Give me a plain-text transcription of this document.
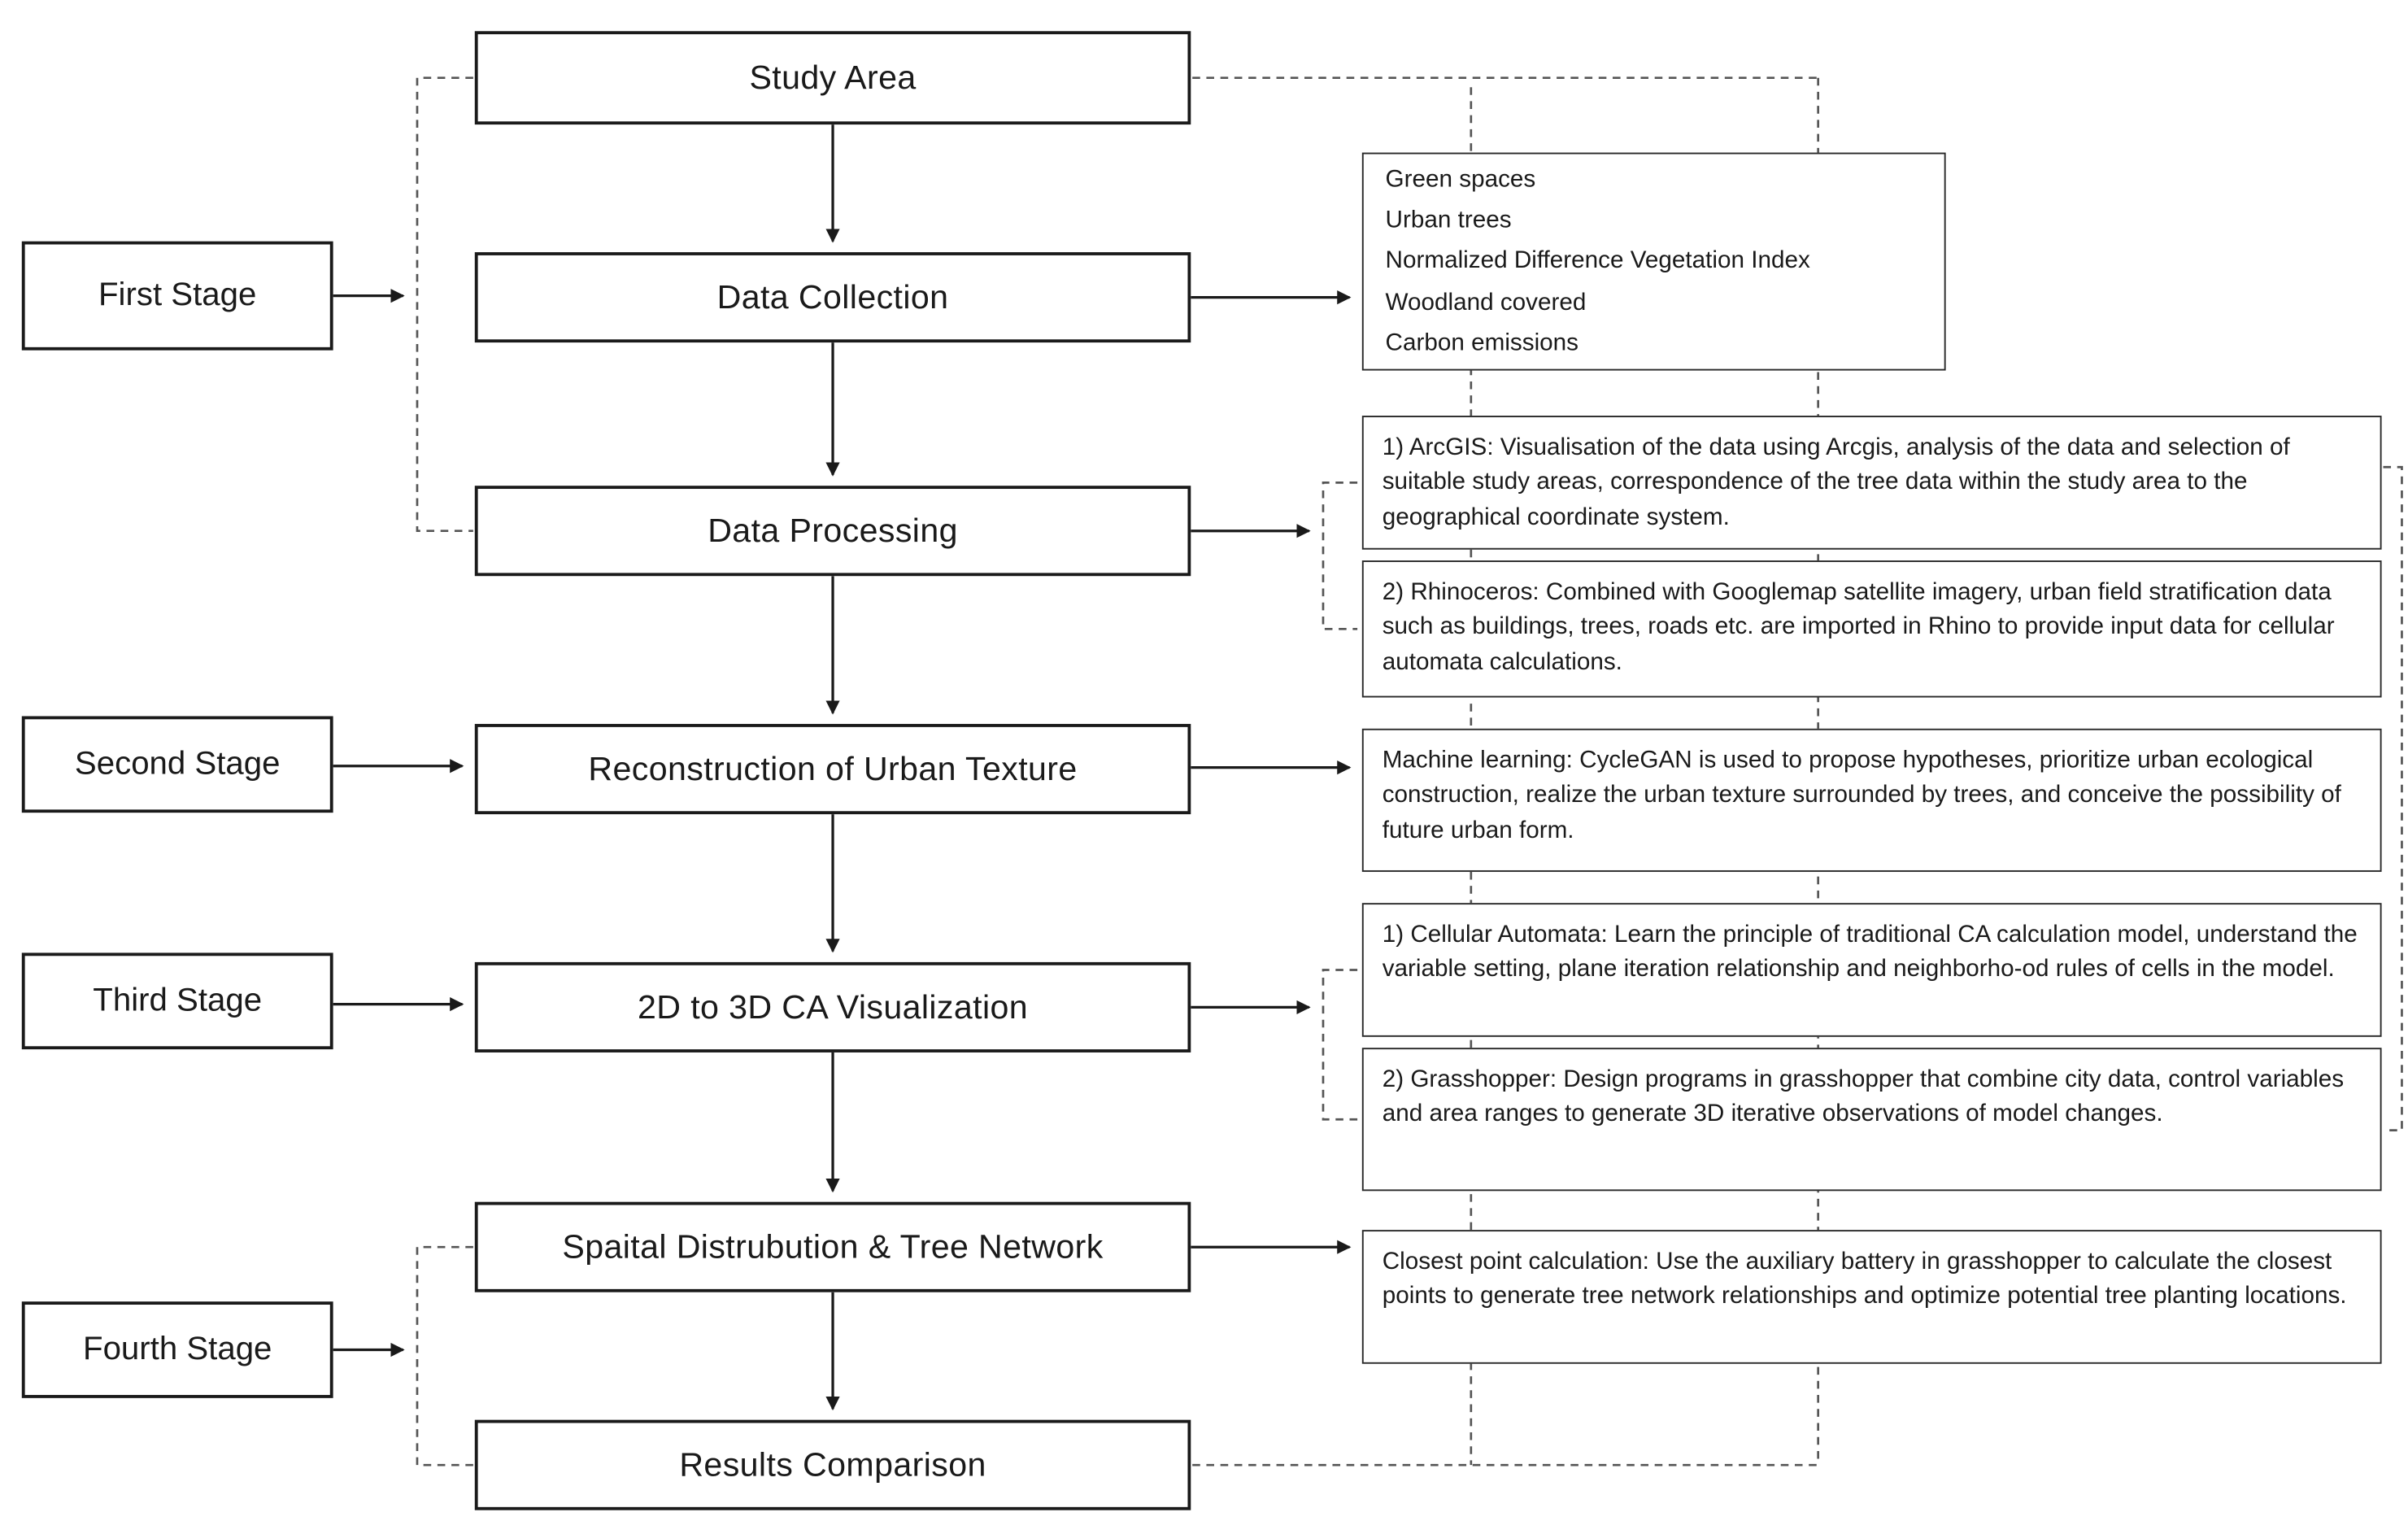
First Stage
Second Stage
Third Stage
Fourth Stage
Study Area
Data Collection
Data Processing
Reconstruction of Urban Texture
2D to 3D CA Visualization
Spaital Distrubution & Tree Network
Results Comparison
Green spaces
Urban trees
Normalized Difference Vegetation Index
Woodland covered
Carbon emissions
1) ArcGIS: Visualisation of the data using Arcgis, analysis of the data and selection of suitable study areas, correspondence of the tree data within the study area to the geographical coordinate system.
2) Rhinoceros: Combined with Googlemap satellite imagery, urban field stratification data such as buildings, trees, roads etc. are imported in Rhino to provide input data for cellular automata calculations.
Machine learning: CycleGAN is used to propose hypotheses, prioritize urban ecological construction, realize the urban texture surrounded by trees, and conceive the possibility of future urban form.
1) Cellular Automata: Learn the principle of traditional CA calculation model, understand the variable setting, plane iteration relationship and neighborho-od rules of cells in the model.
2) Grasshopper: Design programs in grasshopper that combine city data, control variables and area ranges to generate 3D iterative observations of model changes.
Closest point calculation: Use the auxiliary battery in grasshopper to calculate the closest points to generate tree network relationships and optimize potential tree planting locations.
